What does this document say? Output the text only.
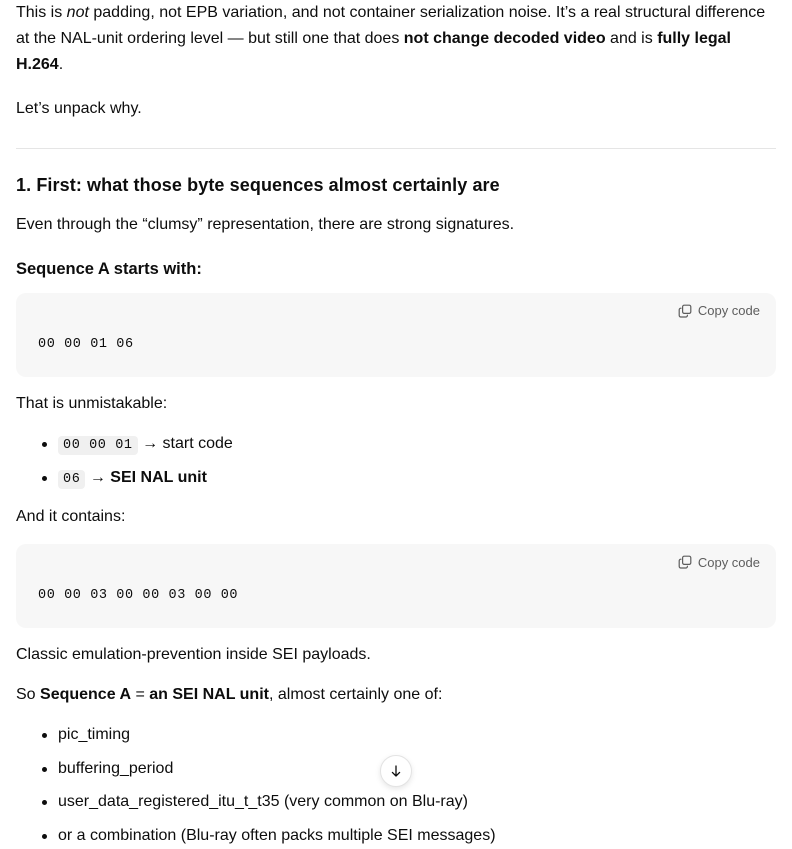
This is not padding, not EPB variation, and not container serialization noise. It’s a real structural difference at the NAL-unit ordering level — but still one that does not change decoded video and is fully legal H.264.

Let’s unpack why.

1. First: what those byte sequences almost certainly are

Even through the “clumsy” representation, there are strong signatures.

Sequence A starts with:
Copy code
00 00 01 06

That is unmistakable:

00 00 01 → start code
06 → SEI NAL unit

And it contains:

Copy code
00 00 03 00 00 03 00 00

Classic emulation-prevention inside SEI payloads.

So Sequence A = an SEI NAL unit, almost certainly one of:

pic_timing
buffering_period
user_data_registered_itu_t_t35 (very common on Blu-ray)
or a combination (Blu-ray often packs multiple SEI messages)
